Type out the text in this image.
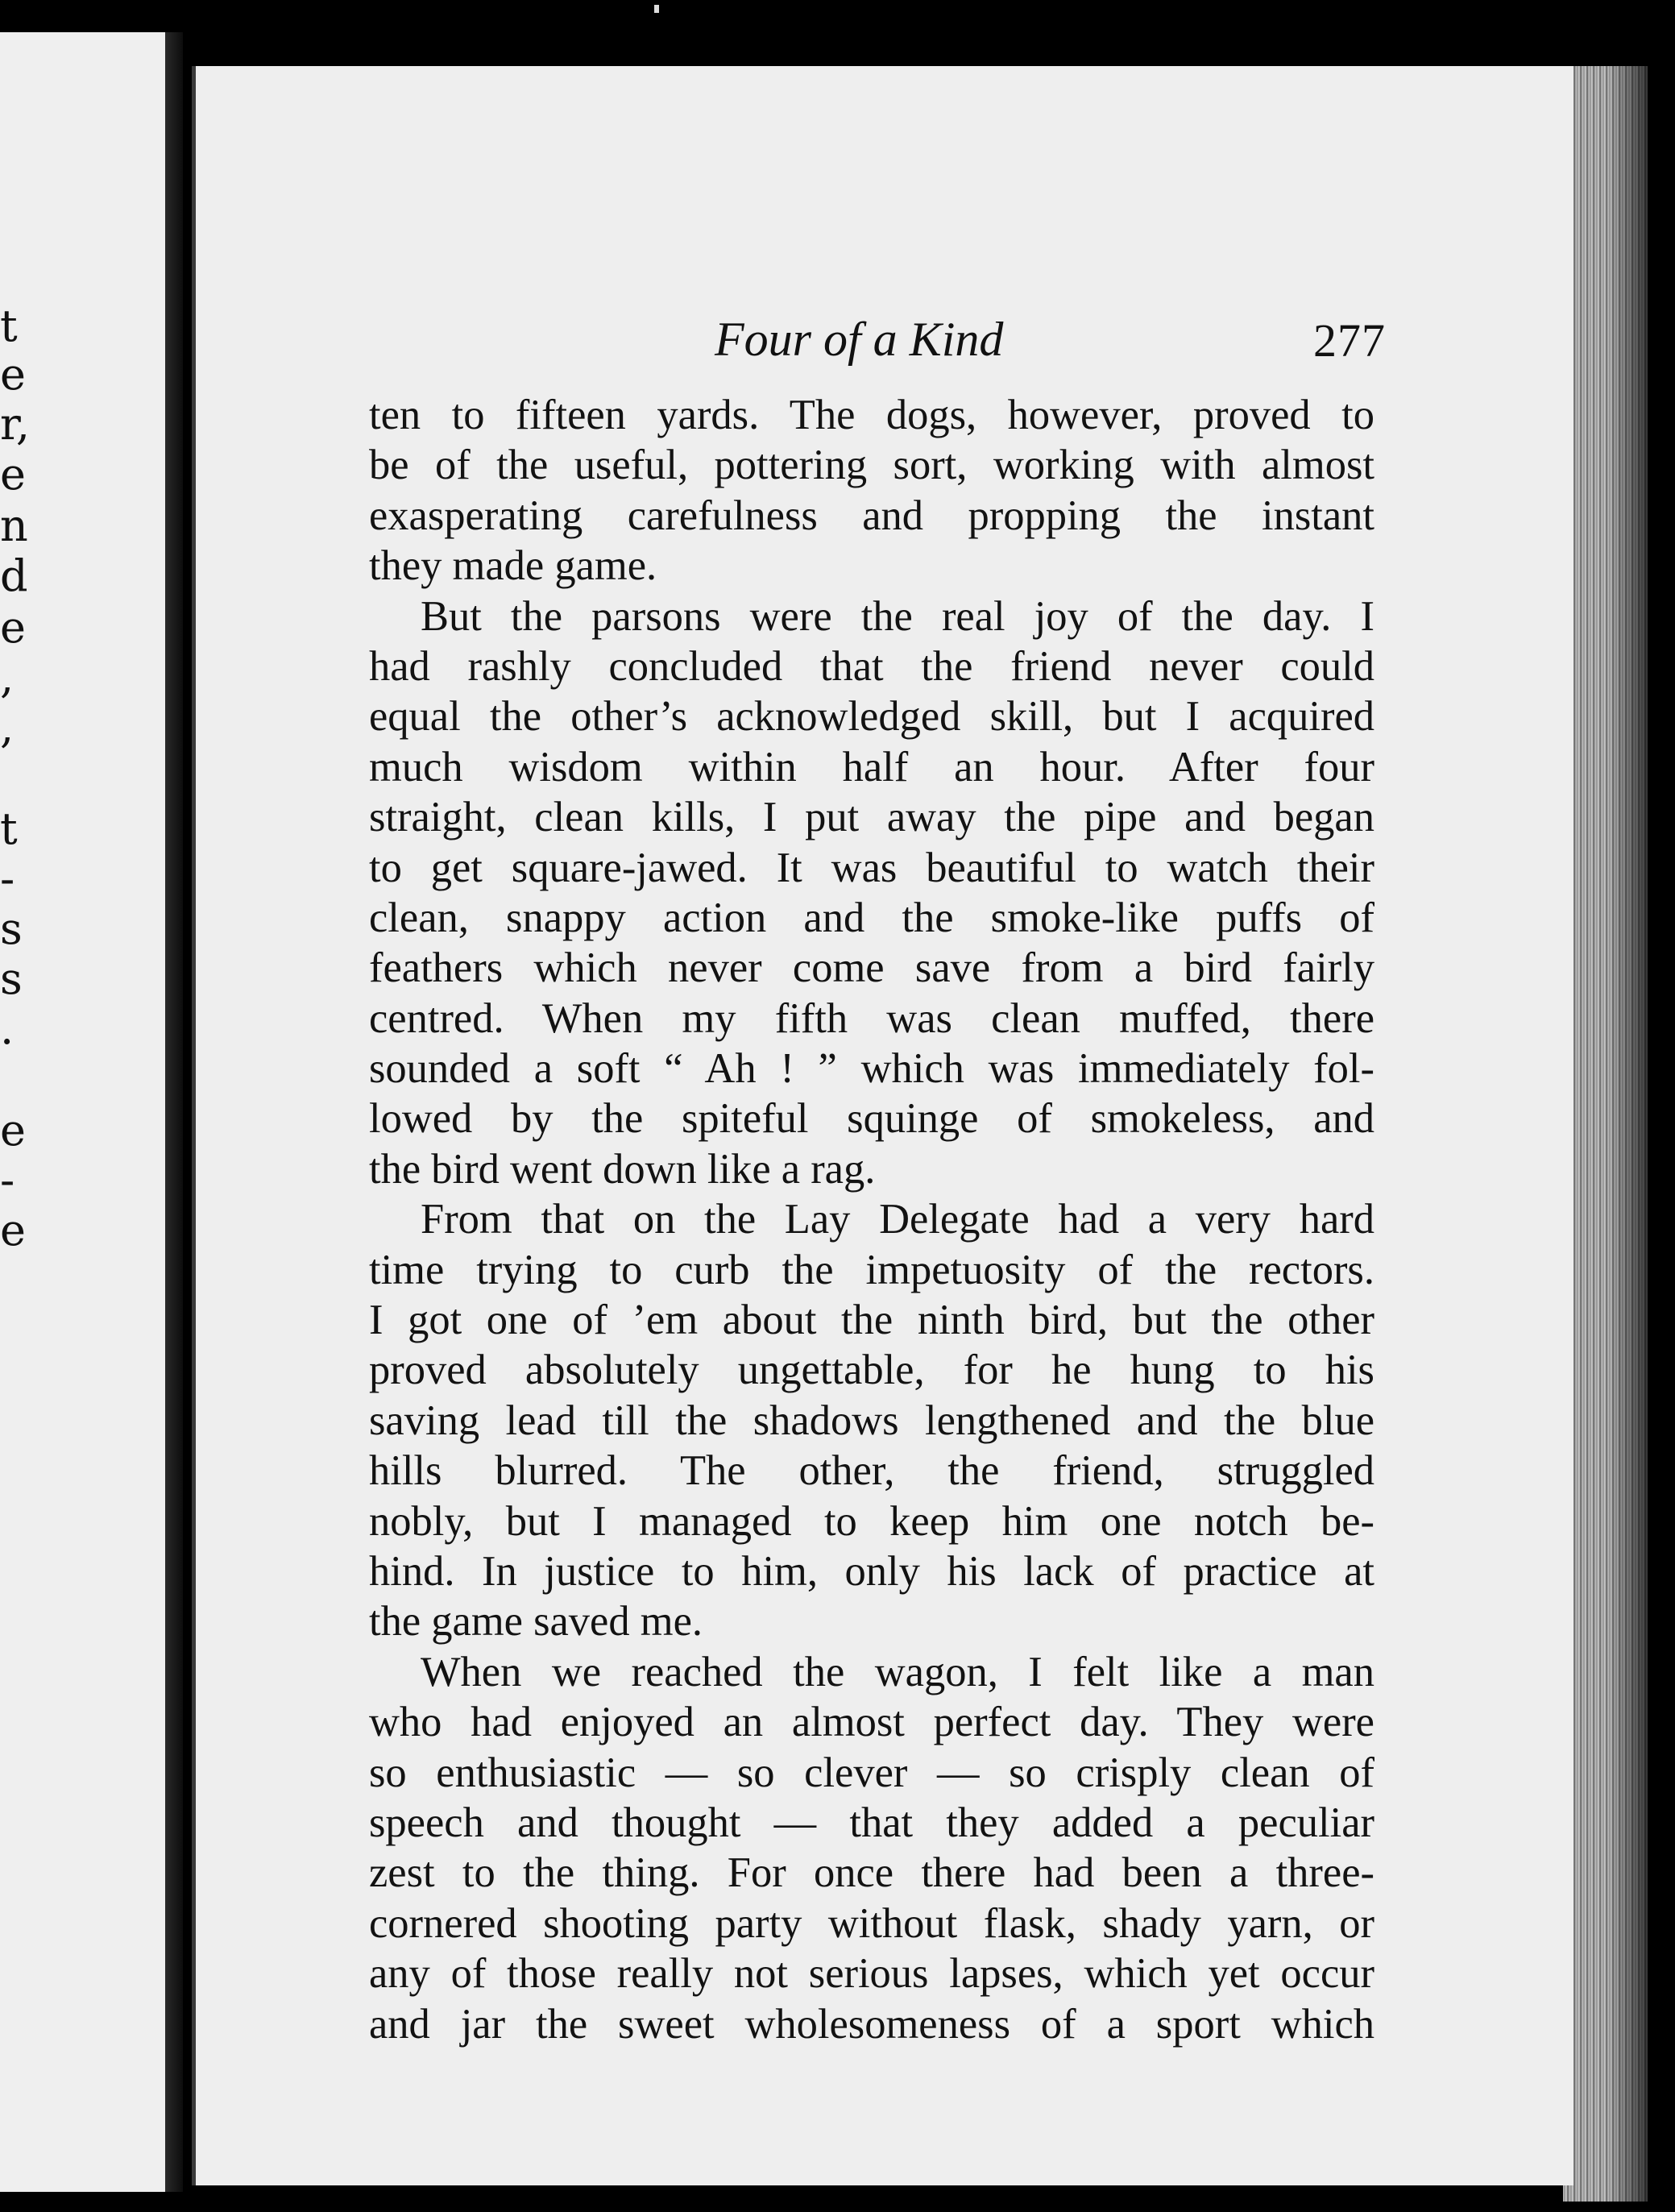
t
e
r,
e
n
d
e
,
,
t
-
s
s
.
e
-
e
Four of a Kind	277
ten to fifteen yards. The dogs, however, proved to
be of the useful, pottering sort, working with almost
exasperating carefulness and propping the instant
they made game.
But the parsons were the real joy of the day. I
had rashly concluded that the friend never could
equal the other’s acknowledged skill, but I acquired
much wisdom within half an hour. After four
straight, clean kills, I put away the pipe and began
to get square-jawed. It was beautiful to watch their
clean, snappy action and the smoke-like puffs of
feathers which never come save from a bird fairly
centred. When my fifth was clean muffed, there
sounded a soft “ Ah ! ” which was immediately fol-
lowed by the spiteful squinge of smokeless, and
the bird went down like a rag.
From that on the Lay Delegate had a very hard
time trying to curb the impetuosity of the rectors.
I got one of ’em about the ninth bird, but the other
proved absolutely ungettable, for he hung to his
saving lead till the shadows lengthened and the blue
hills blurred. The other, the friend, struggled
nobly, but I managed to keep him one notch be-
hind. In justice to him, only his lack of practice at
the game saved me.
When we reached the wagon, I felt like a man
who had enjoyed an almost perfect day. They were
so enthusiastic — so clever — so crisply clean of
speech and thought — that they added a peculiar
zest to the thing. For once there had been a three-
cornered shooting party without flask, shady yarn, or
any of those really not serious lapses, which yet occur
and jar the sweet wholesomeness of a sport which
